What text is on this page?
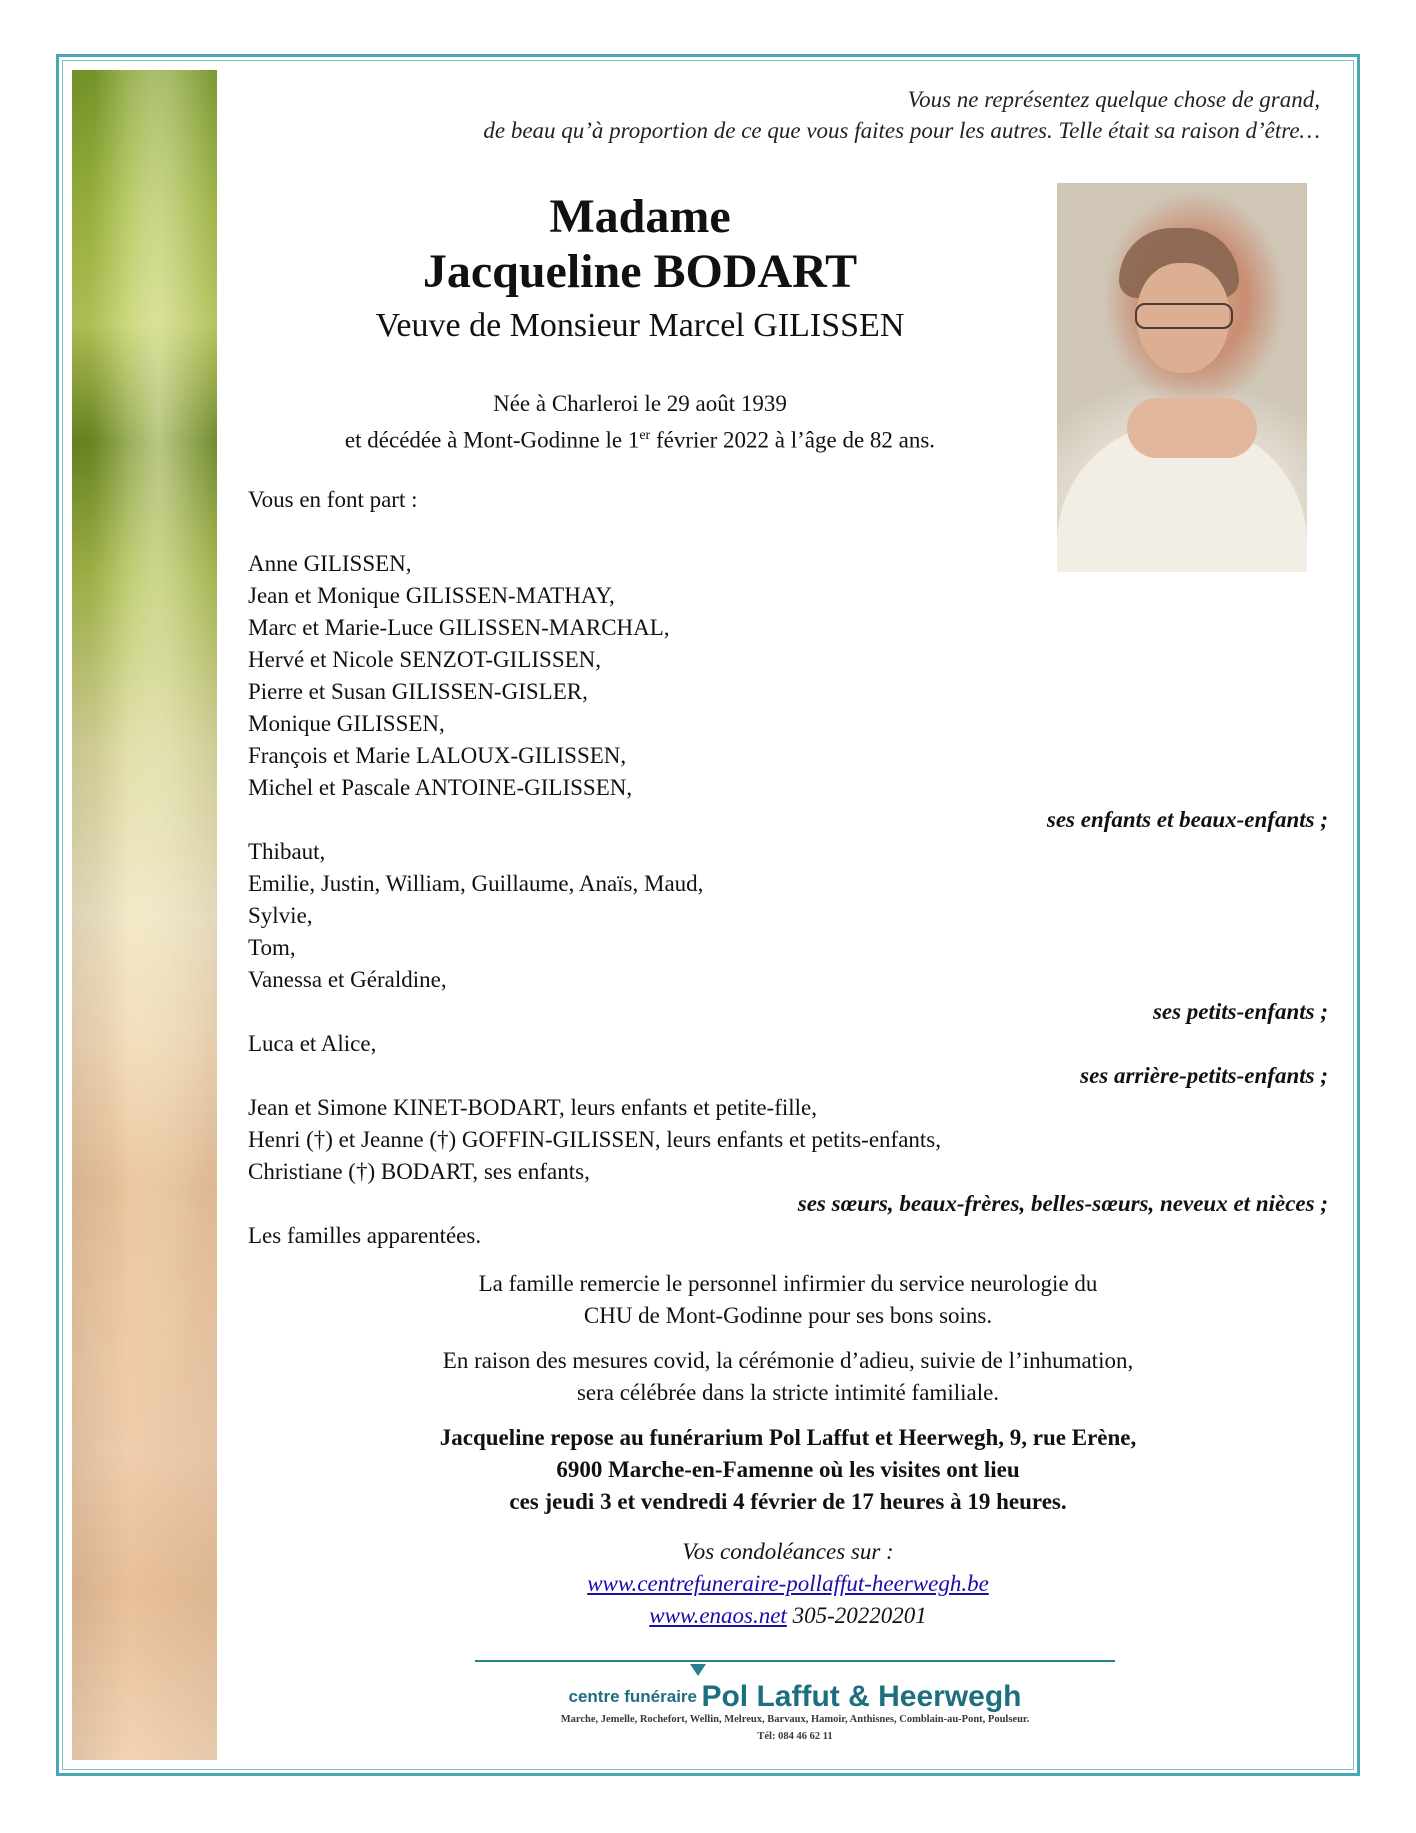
Vous ne représentez quelque chose de grand,
de beau qu’à proportion de ce que vous faites pour les autres. Telle était sa raison d’être…
Madame
Jacqueline BODART
Veuve de Monsieur Marcel GILISSEN
Née à Charleroi le 29 août 1939
et décédée à Mont-Godinne le 1er février 2022 à l’âge de 82 ans.
Vous en font part :
Anne GILISSEN,
Jean et Monique GILISSEN-MATHAY,
Marc et Marie-Luce GILISSEN-MARCHAL,
Hervé et Nicole SENZOT-GILISSEN,
Pierre et Susan GILISSEN-GISLER,
Monique GILISSEN,
François et Marie LALOUX-GILISSEN,
Michel et Pascale ANTOINE-GILISSEN,
ses enfants et beaux-enfants ;
Thibaut,
Emilie, Justin, William, Guillaume, Anaïs, Maud,
Sylvie,
Tom,
Vanessa et Géraldine,
ses petits-enfants ;
Luca et Alice,
ses arrière-petits-enfants ;
Jean et Simone KINET-BODART, leurs enfants et petite-fille,
Henri (†) et Jeanne (†) GOFFIN-GILISSEN, leurs enfants et petits-enfants,
Christiane (†) BODART, ses enfants,
ses sœurs, beaux-frères, belles-sœurs, neveux et nièces ;
Les familles apparentées.
La famille remercie le personnel infirmier du service neurologie du
CHU de Mont-Godinne pour ses bons soins.
En raison des mesures covid, la cérémonie d’adieu, suivie de l’inhumation,
sera célébrée dans la stricte intimité familiale.
Jacqueline repose au funérarium Pol Laffut et Heerwegh, 9, rue Erène,
6900 Marche-en-Famenne où les visites ont lieu
ces jeudi 3 et vendredi 4 février de 17 heures à 19 heures.
Vos condoléances sur :
www.centrefuneraire-pollaffut-heerwegh.be
www.enaos.net 305-20220201
centre funéraire Pol Laffut & Heerwegh
Marche, Jemelle, Rochefort, Wellin, Melreux, Barvaux, Hamoir, Anthisnes, Comblain-au-Pont, Poulseur.
Tél: 084 46 62 11
